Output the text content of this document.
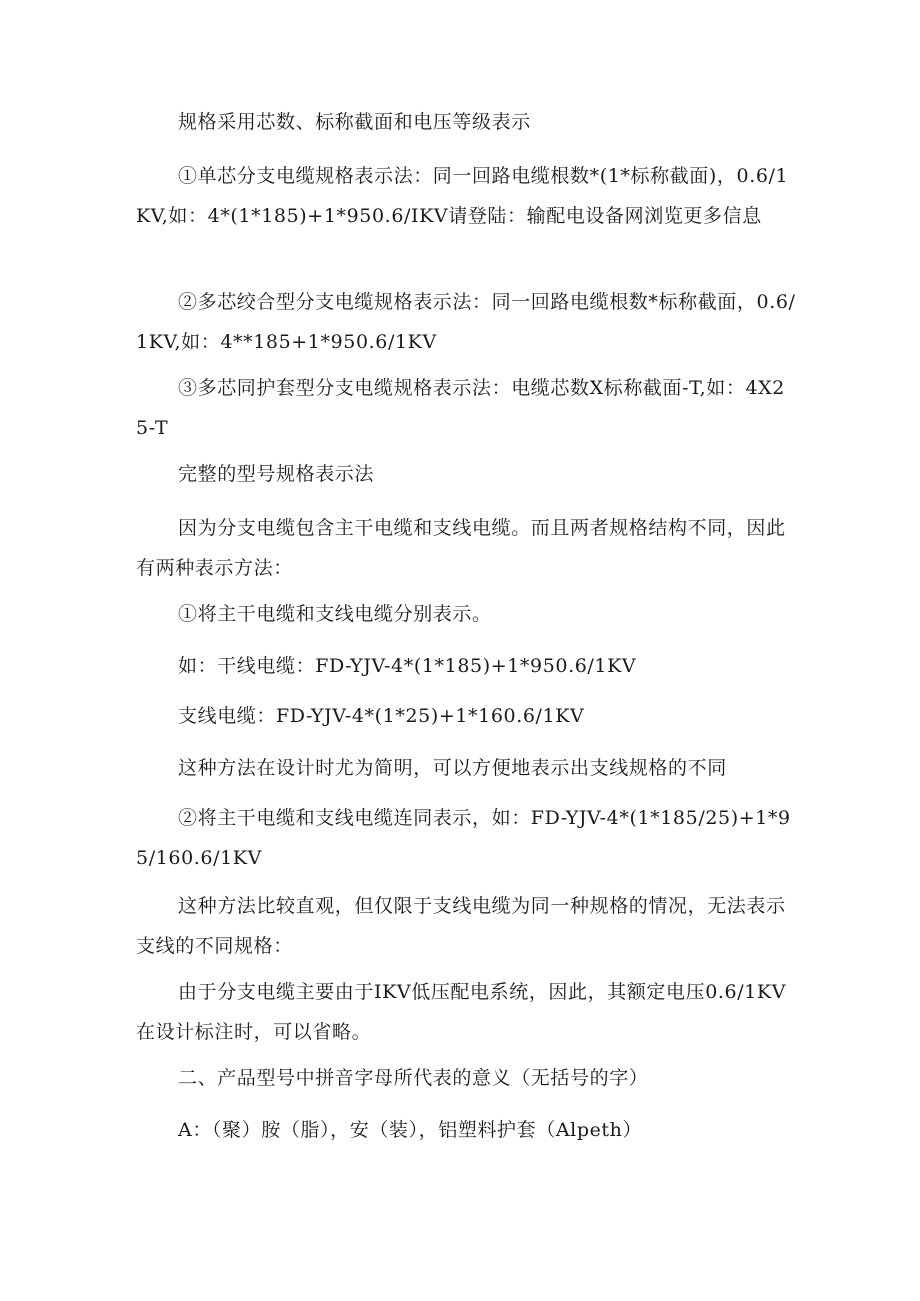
规格采用芯数、标称截面和电压等级表示

①单芯分支电缆规格表示法：同一回路电缆根数*(1*标称截面)，0.6/1KV,如：4*(1*185)+1*950.6/IKV请登陆：输配电设备网浏览更多信息

②多芯绞合型分支电缆规格表示法：同一回路电缆根数*标称截面，0.6/1KV,如：4**185+1*950.6/1KV

③多芯同护套型分支电缆规格表示法：电缆芯数X标称截面-T,如：4X25-T

完整的型号规格表示法

因为分支电缆包含主干电缆和支线电缆。而且两者规格结构不同，因此有两种表示方法：

①将主干电缆和支线电缆分别表示。

如：干线电缆：FD-YJV-4*(1*185)+1*950.6/1KV

支线电缆：FD-YJV-4*(1*25)+1*160.6/1KV

这种方法在设计时尤为简明，可以方便地表示出支线规格的不同

②将主干电缆和支线电缆连同表示，如：FD-YJV-4*(1*185/25)+1*95/160.6/1KV

这种方法比较直观，但仅限于支线电缆为同一种规格的情况，无法表示支线的不同规格：

由于分支电缆主要由于IKV低压配电系统，因此，其额定电压0.6/1KV在设计标注时，可以省略。

二、产品型号中拼音字母所代表的意义（无括号的字）

A：（聚）胺（脂），安（装），铝塑料护套（Alpeth）
